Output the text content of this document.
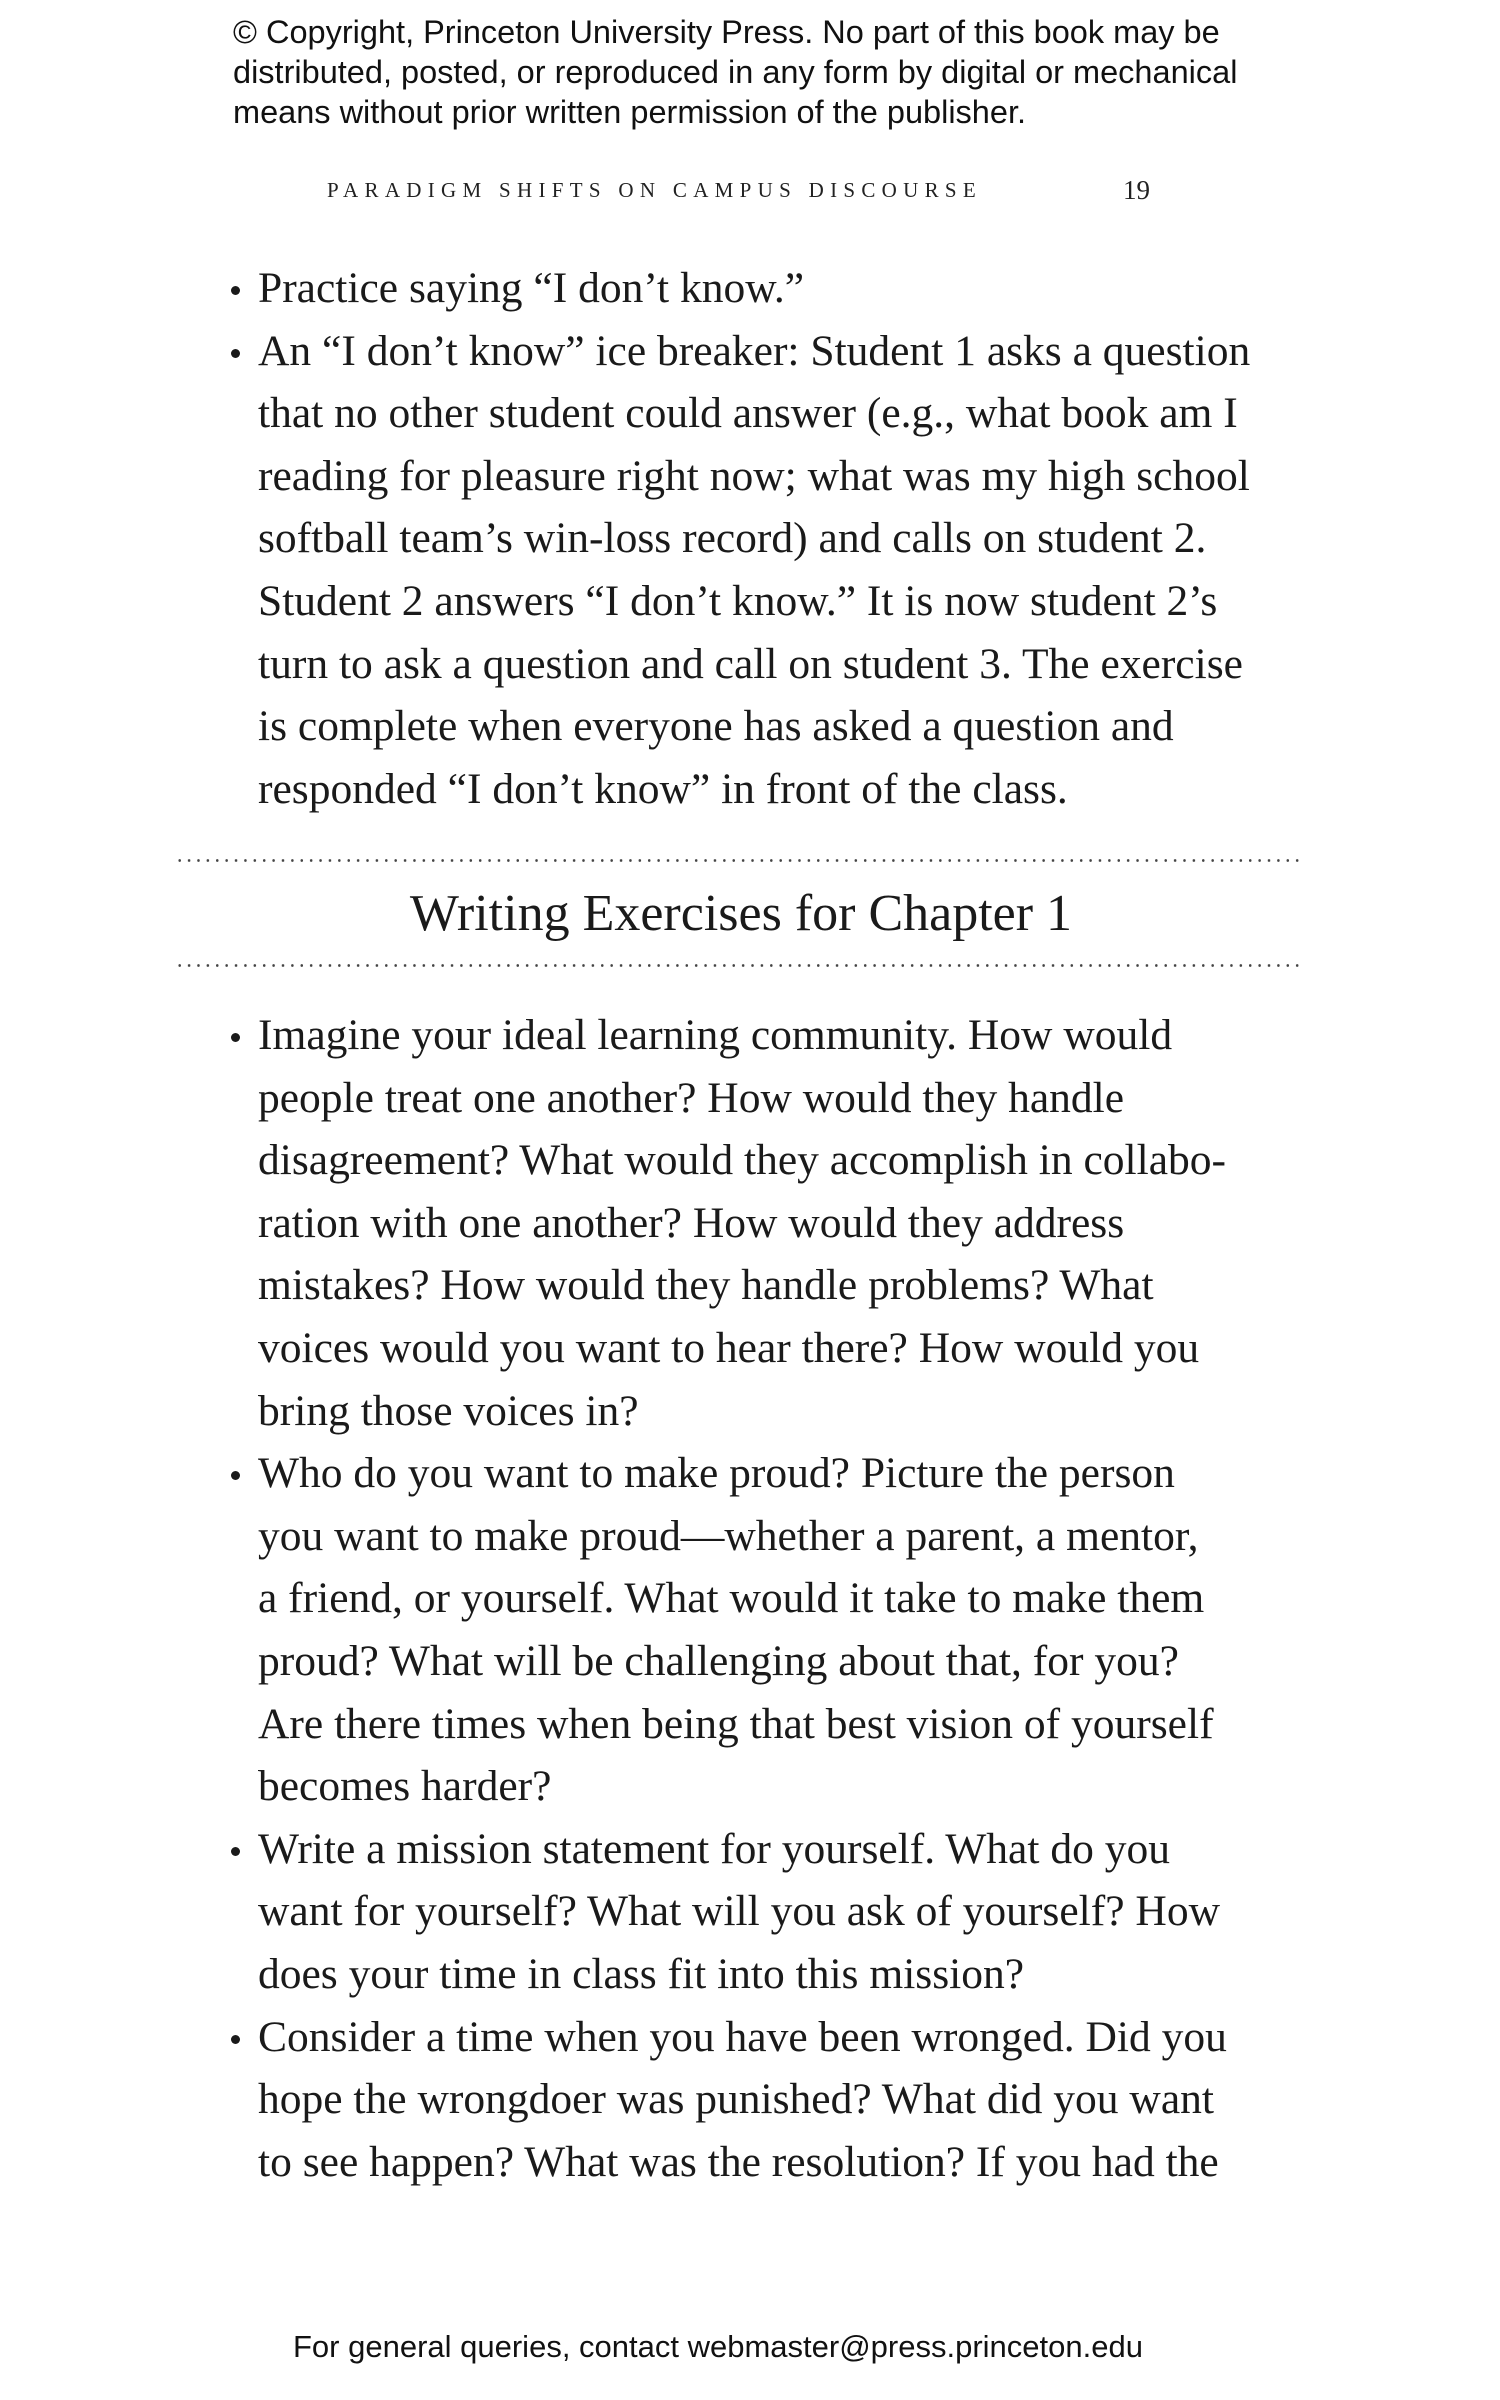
© Copyright, Princeton University Press. No part of this book may be
distributed, posted, or reproduced in any form by digital or mechanical
means without prior written permission of the publisher.
PARADIGM SHIFTS ON CAMPUS DISCOURSE	19
Practice saying “I don’t know.”
An “I don’t know” ice breaker: Student 1 asks a question
that no other student could answer (e.g., what book am I
reading for pleasure right now; what was my high school
softball team’s win-loss record) and calls on student 2.
Student 2 answers “I don’t know.” It is now student 2’s
turn to ask a question and call on student 3. The exercise
is complete when everyone has asked a question and
responded “I don’t know” in front of the class.
Writing Exercises for Chapter 1
Imagine your ideal learning community. How would
people treat one another? How would they handle
disagreement? What would they accomplish in collabo-
ration with one another? How would they address
mistakes? How would they handle problems? What
voices would you want to hear there? How would you
bring those voices in?
Who do you want to make proud? Picture the person
you want to make proud—whether a parent, a mentor,
a friend, or yourself. What would it take to make them
proud? What will be challenging about that, for you?
Are there times when being that best vision of yourself
becomes harder?
Write a mission statement for yourself. What do you
want for yourself? What will you ask of yourself? How
does your time in class fit into this mission?
Consider a time when you have been wronged. Did you
hope the wrongdoer was punished? What did you want
to see happen? What was the resolution? If you had the
For general queries, contact webmaster@press.princeton.edu
